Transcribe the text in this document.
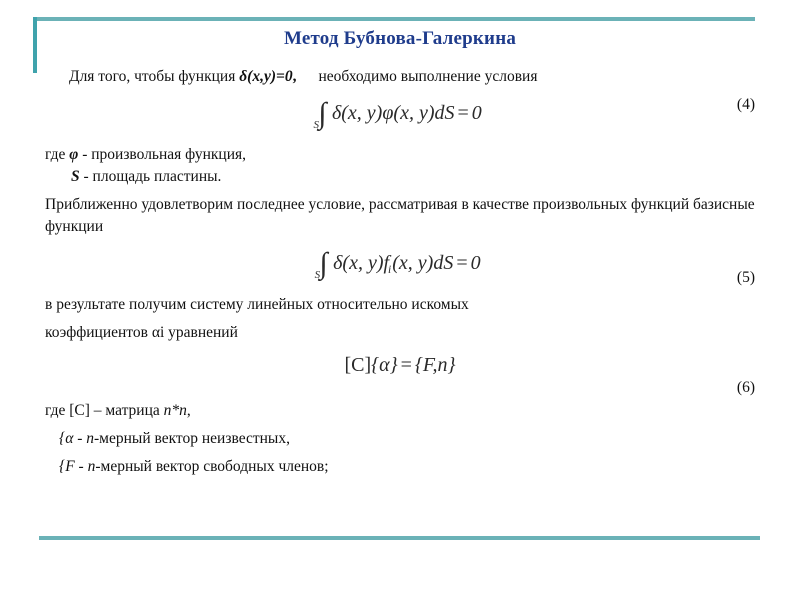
Метод Бубнова-Галеркина

Для того, чтобы функция δ(x,y)=0, необходимо выполнение условия

$\int_S\delta(x$, y)φ(x, y)dS = 0

где φ - произвольная функция,

S - площадь пластины.

Приближенно удовлетворим последнее условие, рассматривая в качестве произвольных функций базисные функции

$\int_S\delta(x$, $y)f_i(x$, y)dS = 0

в результате получим систему линейных относительно искомых

коэффициентов αi уравнений

[C]{α} = {F,n}

где [C] – матрица n*n,

{α - n-мерный вектор неизвестных,

{F - n-мерный вектор свободных членов;

(4)
(5)
(6)
